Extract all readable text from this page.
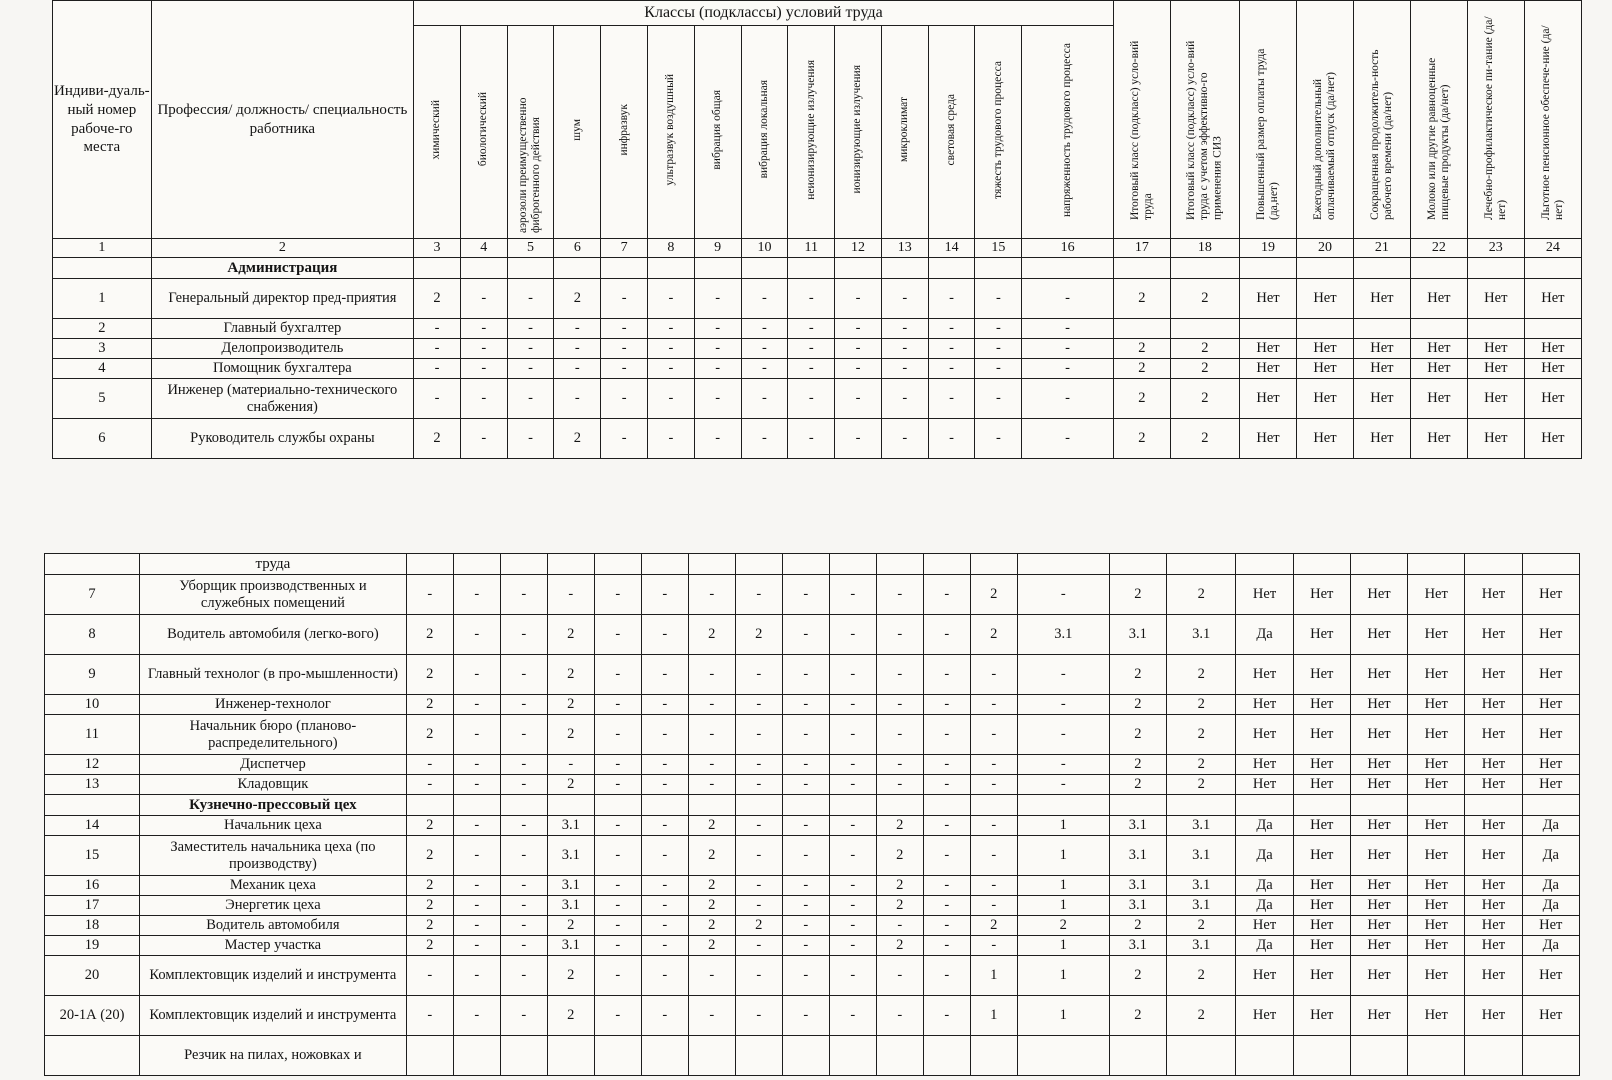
Индиви-дуаль-ный номер рабоче-го места	Профессия/ должность/ специальность работника	Классы (подклассы) условий труда														Итоговый класс (подкласс) усло-вий труда	Итоговый класс (подкласс) усло-вий труда с учетом эффективно-го применения СИЗ	Повышенный размер оплаты труда (да,нет)	Ежегодный дополнительный оплачиваемый отпуск (да/нет)	Сокращенная продолжитель-ность рабочего времени (да/нет)	Молоко или другие равноценные пищевые продукты (да/нет)	Лечебно-профилактическое пи-тание (да/нет)	Льготное пенсионное обеспече-ние (да/нет)
		химический	биологический	аэрозоли преимущественно фиброгенного действия	шум	инфразвук	ультразвук воздушный	вибрация общая	вибрация локальная	неионизирующие излучения	ионизирующие излучения	микроклимат	световая среда	тяжесть трудового процесса	напряженность трудового процесса								
1	2	3	4	5	6	7	8	9	10	11	12	13	14	15	16	17	18	19	20	21	22	23	24
	Администрация																						
1	Генеральный директор пред-приятия	2	-	-	2	-	-	-	-	-	-	-	-	-	-	2	2	Нет	Нет	Нет	Нет	Нет	Нет
2	Главный бухгалтер	-	-	-	-	-	-	-	-	-	-	-	-	-	-								
3	Делопроизводитель	-	-	-	-	-	-	-	-	-	-	-	-	-	-	2	2	Нет	Нет	Нет	Нет	Нет	Нет
4	Помощник бухгалтера	-	-	-	-	-	-	-	-	-	-	-	-	-	-	2	2	Нет	Нет	Нет	Нет	Нет	Нет
5	Инженер (материально-технического снабжения)	-	-	-	-	-	-	-	-	-	-	-	-	-	-	2	2	Нет	Нет	Нет	Нет	Нет	Нет
6	Руководитель службы охраны	2	-	-	2	-	-	-	-	-	-	-	-	-	-	2	2	Нет	Нет	Нет	Нет	Нет	Нет
	труда																						
7	Уборщик производственных и служебных помещений	-	-	-	-	-	-	-	-	-	-	-	-	2	-	2	2	Нет	Нет	Нет	Нет	Нет	Нет
8	Водитель автомобиля (легко-вого)	2	-	-	2	-	-	2	2	-	-	-	-	2	3.1	3.1	3.1	Да	Нет	Нет	Нет	Нет	Нет
9	Главный технолог (в про-мышленности)	2	-	-	2	-	-	-	-	-	-	-	-	-	-	2	2	Нет	Нет	Нет	Нет	Нет	Нет
10	Инженер-технолог	2	-	-	2	-	-	-	-	-	-	-	-	-	-	2	2	Нет	Нет	Нет	Нет	Нет	Нет
11	Начальник бюро (планово-распределительного)	2	-	-	2	-	-	-	-	-	-	-	-	-	-	2	2	Нет	Нет	Нет	Нет	Нет	Нет
12	Диспетчер	-	-	-	-	-	-	-	-	-	-	-	-	-	-	2	2	Нет	Нет	Нет	Нет	Нет	Нет
13	Кладовщик	-	-	-	2	-	-	-	-	-	-	-	-	-	-	2	2	Нет	Нет	Нет	Нет	Нет	Нет
	Кузнечно-прессовый цех																						
14	Начальник цеха	2	-	-	3.1	-	-	2	-	-	-	2	-	-	1	3.1	3.1	Да	Нет	Нет	Нет	Нет	Да
15	Заместитель начальника цеха (по производству)	2	-	-	3.1	-	-	2	-	-	-	2	-	-	1	3.1	3.1	Да	Нет	Нет	Нет	Нет	Да
16	Механик цеха	2	-	-	3.1	-	-	2	-	-	-	2	-	-	1	3.1	3.1	Да	Нет	Нет	Нет	Нет	Да
17	Энергетик цеха	2	-	-	3.1	-	-	2	-	-	-	2	-	-	1	3.1	3.1	Да	Нет	Нет	Нет	Нет	Да
18	Водитель автомобиля	2	-	-	2	-	-	2	2	-	-	-	-	2	2	2	2	Нет	Нет	Нет	Нет	Нет	Нет
19	Мастер участка	2	-	-	3.1	-	-	2	-	-	-	2	-	-	1	3.1	3.1	Да	Нет	Нет	Нет	Нет	Да
20	Комплектовщик изделий и инструмента	-	-	-	2	-	-	-	-	-	-	-	-	1	1	2	2	Нет	Нет	Нет	Нет	Нет	Нет
20-1А (20)	Комплектовщик изделий и инструмента	-	-	-	2	-	-	-	-	-	-	-	-	1	1	2	2	Нет	Нет	Нет	Нет	Нет	Нет
	Резчик на пилах, ножовках и																						
